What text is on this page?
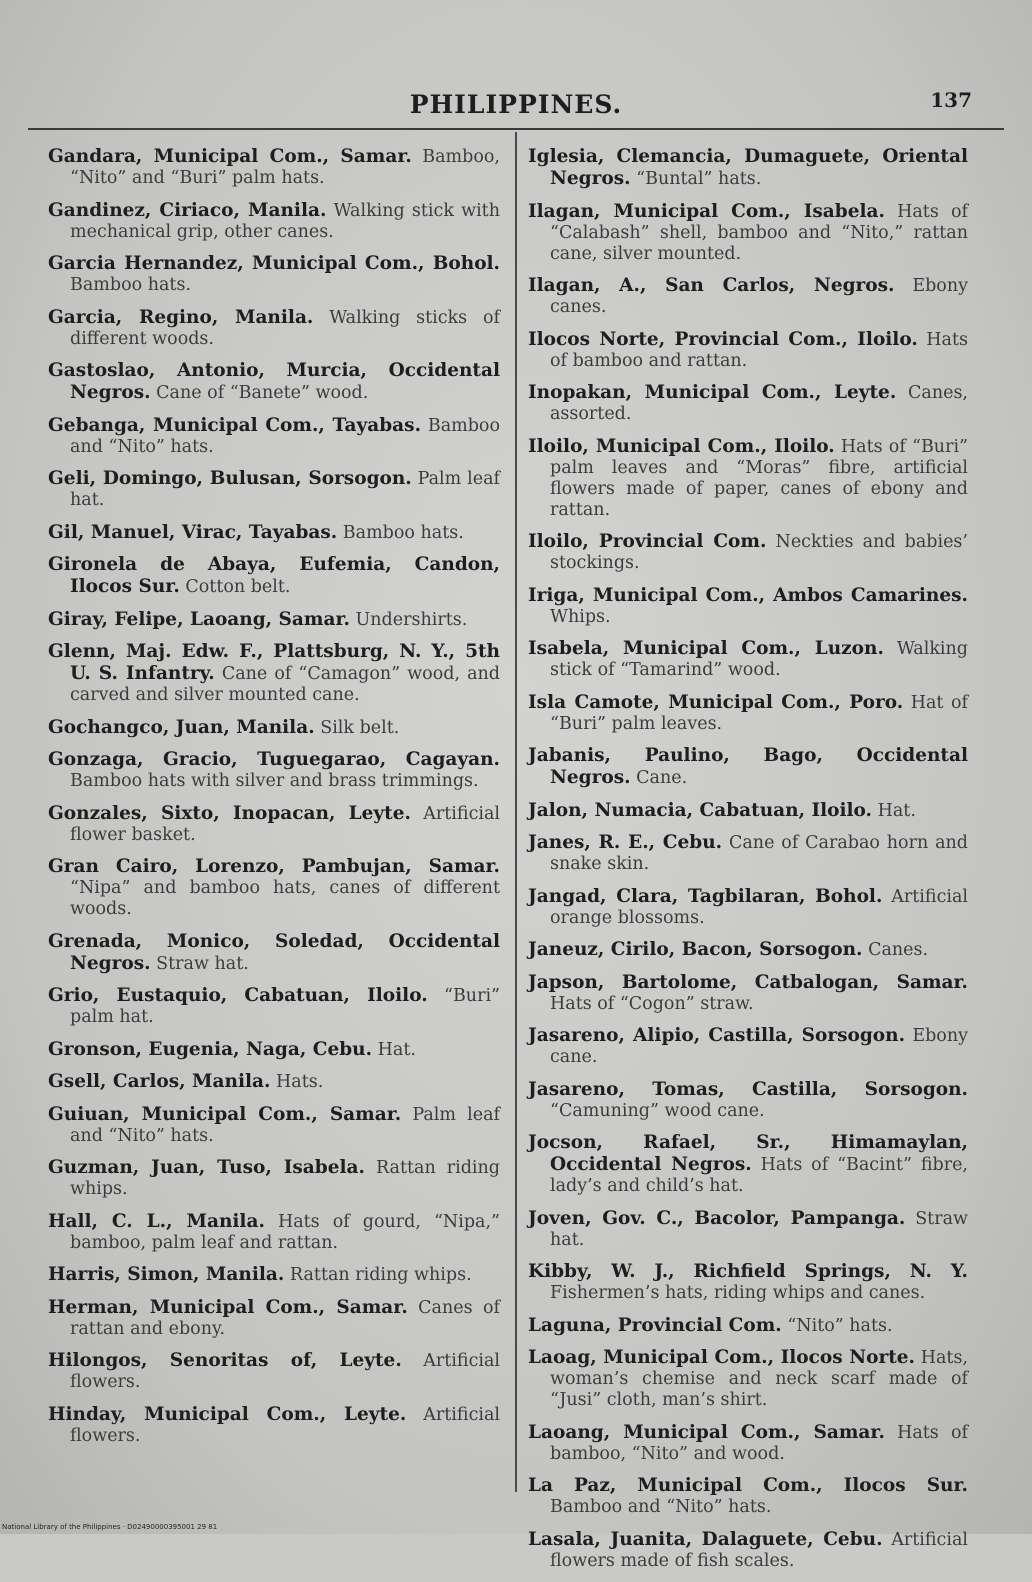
PHILIPPINES.	137
Gandara, Municipal Com., Samar. Bamboo, “Nito” and “Buri” palm hats.
Gandinez, Ciriaco, Manila. Walking stick with mechanical grip, other canes.
Garcia Hernandez, Municipal Com., Bohol. Bamboo hats.
Garcia, Regino, Manila. Walking sticks of different woods.
Gastoslao, Antonio, Murcia, Occidental Negros. Cane of “Banete” wood.
Gebanga, Municipal Com., Tayabas. Bamboo and “Nito” hats.
Geli, Domingo, Bulusan, Sorsogon. Palm leaf hat.
Gil, Manuel, Virac, Tayabas. Bamboo hats.
Gironela de Abaya, Eufemia, Candon, Ilocos Sur. Cotton belt.
Giray, Felipe, Laoang, Samar. Undershirts.
Glenn, Maj. Edw. F., Plattsburg, N. Y., 5th U. S. Infantry. Cane of “Camagon” wood, and carved and silver mounted cane.
Gochangco, Juan, Manila. Silk belt.
Gonzaga, Gracio, Tuguegarao, Cagayan. Bamboo hats with silver and brass trimmings.
Gonzales, Sixto, Inopacan, Leyte. Artificial flower basket.
Gran Cairo, Lorenzo, Pambujan, Samar. “Nipa” and bamboo hats, canes of different woods.
Grenada, Monico, Soledad, Occidental Negros. Straw hat.
Grio, Eustaquio, Cabatuan, Iloilo. “Buri” palm hat.
Gronson, Eugenia, Naga, Cebu. Hat.
Gsell, Carlos, Manila. Hats.
Guiuan, Municipal Com., Samar. Palm leaf and “Nito” hats.
Guzman, Juan, Tuso, Isabela. Rattan riding whips.
Hall, C. L., Manila. Hats of gourd, “Nipa,” bamboo, palm leaf and rattan.
Harris, Simon, Manila. Rattan riding whips.
Herman, Municipal Com., Samar. Canes of rattan and ebony.
Hilongos, Senoritas of, Leyte. Artificial flowers.
Hinday, Municipal Com., Leyte. Artificial flowers.
Iglesia, Clemancia, Dumaguete, Oriental Negros. “Buntal” hats.
Ilagan, Municipal Com., Isabela. Hats of “Calabash” shell, bamboo and “Nito,” rattan cane, silver mounted.
Ilagan, A., San Carlos, Negros. Ebony canes.
Ilocos Norte, Provincial Com., Iloilo. Hats of bamboo and rattan.
Inopakan, Municipal Com., Leyte. Canes, assorted.
Iloilo, Municipal Com., Iloilo. Hats of “Buri” palm leaves and “Moras” fibre, artificial flowers made of paper, canes of ebony and rattan.
Iloilo, Provincial Com. Neckties and babies’ stockings.
Iriga, Municipal Com., Ambos Camarines. Whips.
Isabela, Municipal Com., Luzon. Walking stick of “Tamarind” wood.
Isla Camote, Municipal Com., Poro. Hat of “Buri” palm leaves.
Jabanis, Paulino, Bago, Occidental Negros. Cane.
Jalon, Numacia, Cabatuan, Iloilo. Hat.
Janes, R. E., Cebu. Cane of Carabao horn and snake skin.
Jangad, Clara, Tagbilaran, Bohol. Artificial orange blossoms.
Janeuz, Cirilo, Bacon, Sorsogon. Canes.
Japson, Bartolome, Catbalogan, Samar. Hats of “Cogon” straw.
Jasareno, Alipio, Castilla, Sorsogon. Ebony cane.
Jasareno, Tomas, Castilla, Sorsogon. “Camuning” wood cane.
Jocson, Rafael, Sr., Himamaylan, Occidental Negros. Hats of “Bacint” fibre, lady’s and child’s hat.
Joven, Gov. C., Bacolor, Pampanga. Straw hat.
Kibby, W. J., Richfield Springs, N. Y. Fishermen’s hats, riding whips and canes.
Laguna, Provincial Com. “Nito” hats.
Laoag, Municipal Com., Ilocos Norte. Hats, woman’s chemise and neck scarf made of “Jusi” cloth, man’s shirt.
Laoang, Municipal Com., Samar. Hats of bamboo, “Nito” and wood.
La Paz, Municipal Com., Ilocos Sur. Bamboo and “Nito” hats.
Lasala, Juanita, Dalaguete, Cebu. Artificial flowers made of fish scales.
National Library of the Philippines · D02490000395001 29 81
